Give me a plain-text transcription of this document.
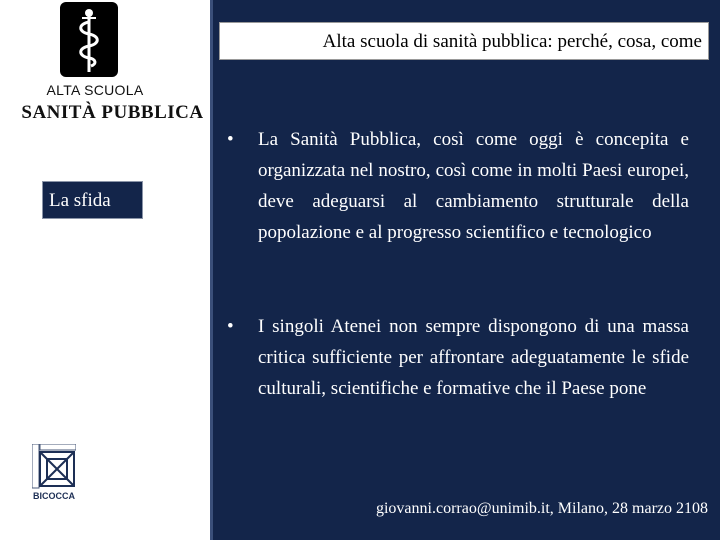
ALTA SCUOLA
SANITÀ PUBBLICA
La sfida
BICOCCA
Alta scuola di sanità pubblica: perché, cosa, come
• La Sanità Pubblica, così come oggi è concepita e organizzata nel nostro, così come in molti Paesi europei, deve adeguarsi al cambiamento strutturale della popolazione e al progresso scientifico e tecnologico
• I singoli Atenei non sempre dispongono di una massa critica sufficiente per affrontare adeguatamente le sfide culturali, scientifiche e formative che il Paese pone
giovanni.corrao@unimib.it, Milano, 28 marzo 2108
